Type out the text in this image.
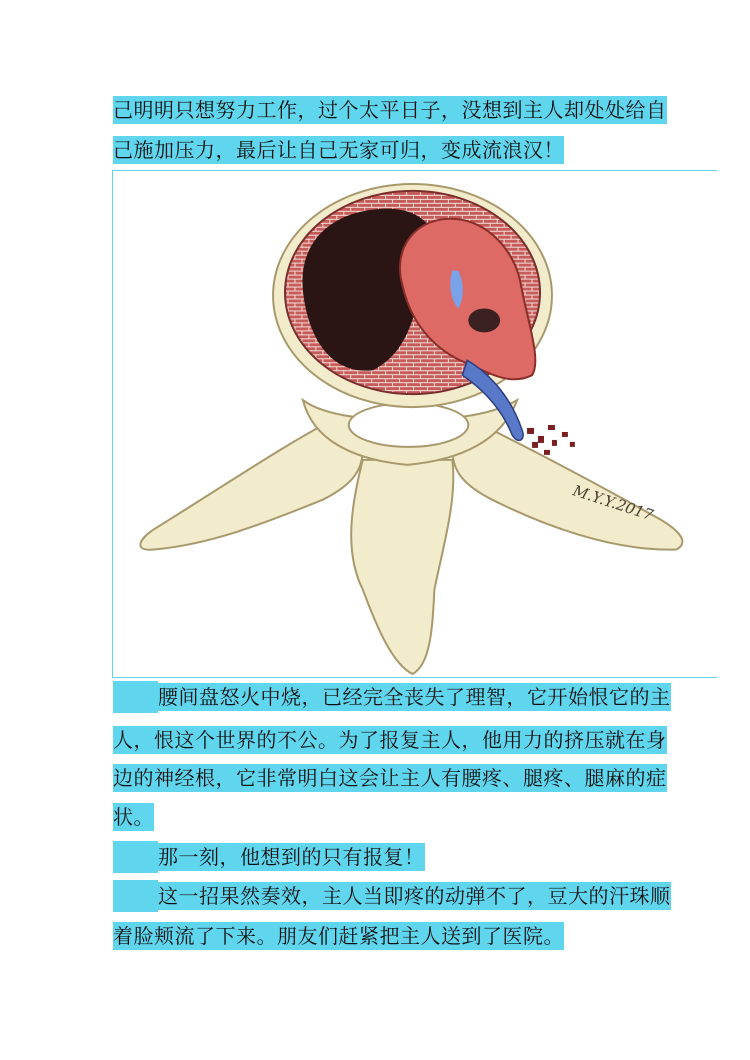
己明明只想努力工作，过个太平日子，没想到主人却处处给自
己施加压力，最后让自己无家可归，变成流浪汉！
M.Y.Y.2017
腰间盘怒火中烧，已经完全丧失了理智，它开始恨它的主
人，恨这个世界的不公。为了报复主人，他用力的挤压就在身
边的神经根，它非常明白这会让主人有腰疼、腿疼、腿麻的症
状。
那一刻，他想到的只有报复！
这一招果然奏效，主人当即疼的动弹不了，豆大的汗珠顺
着脸颊流了下来。朋友们赶紧把主人送到了医院。
